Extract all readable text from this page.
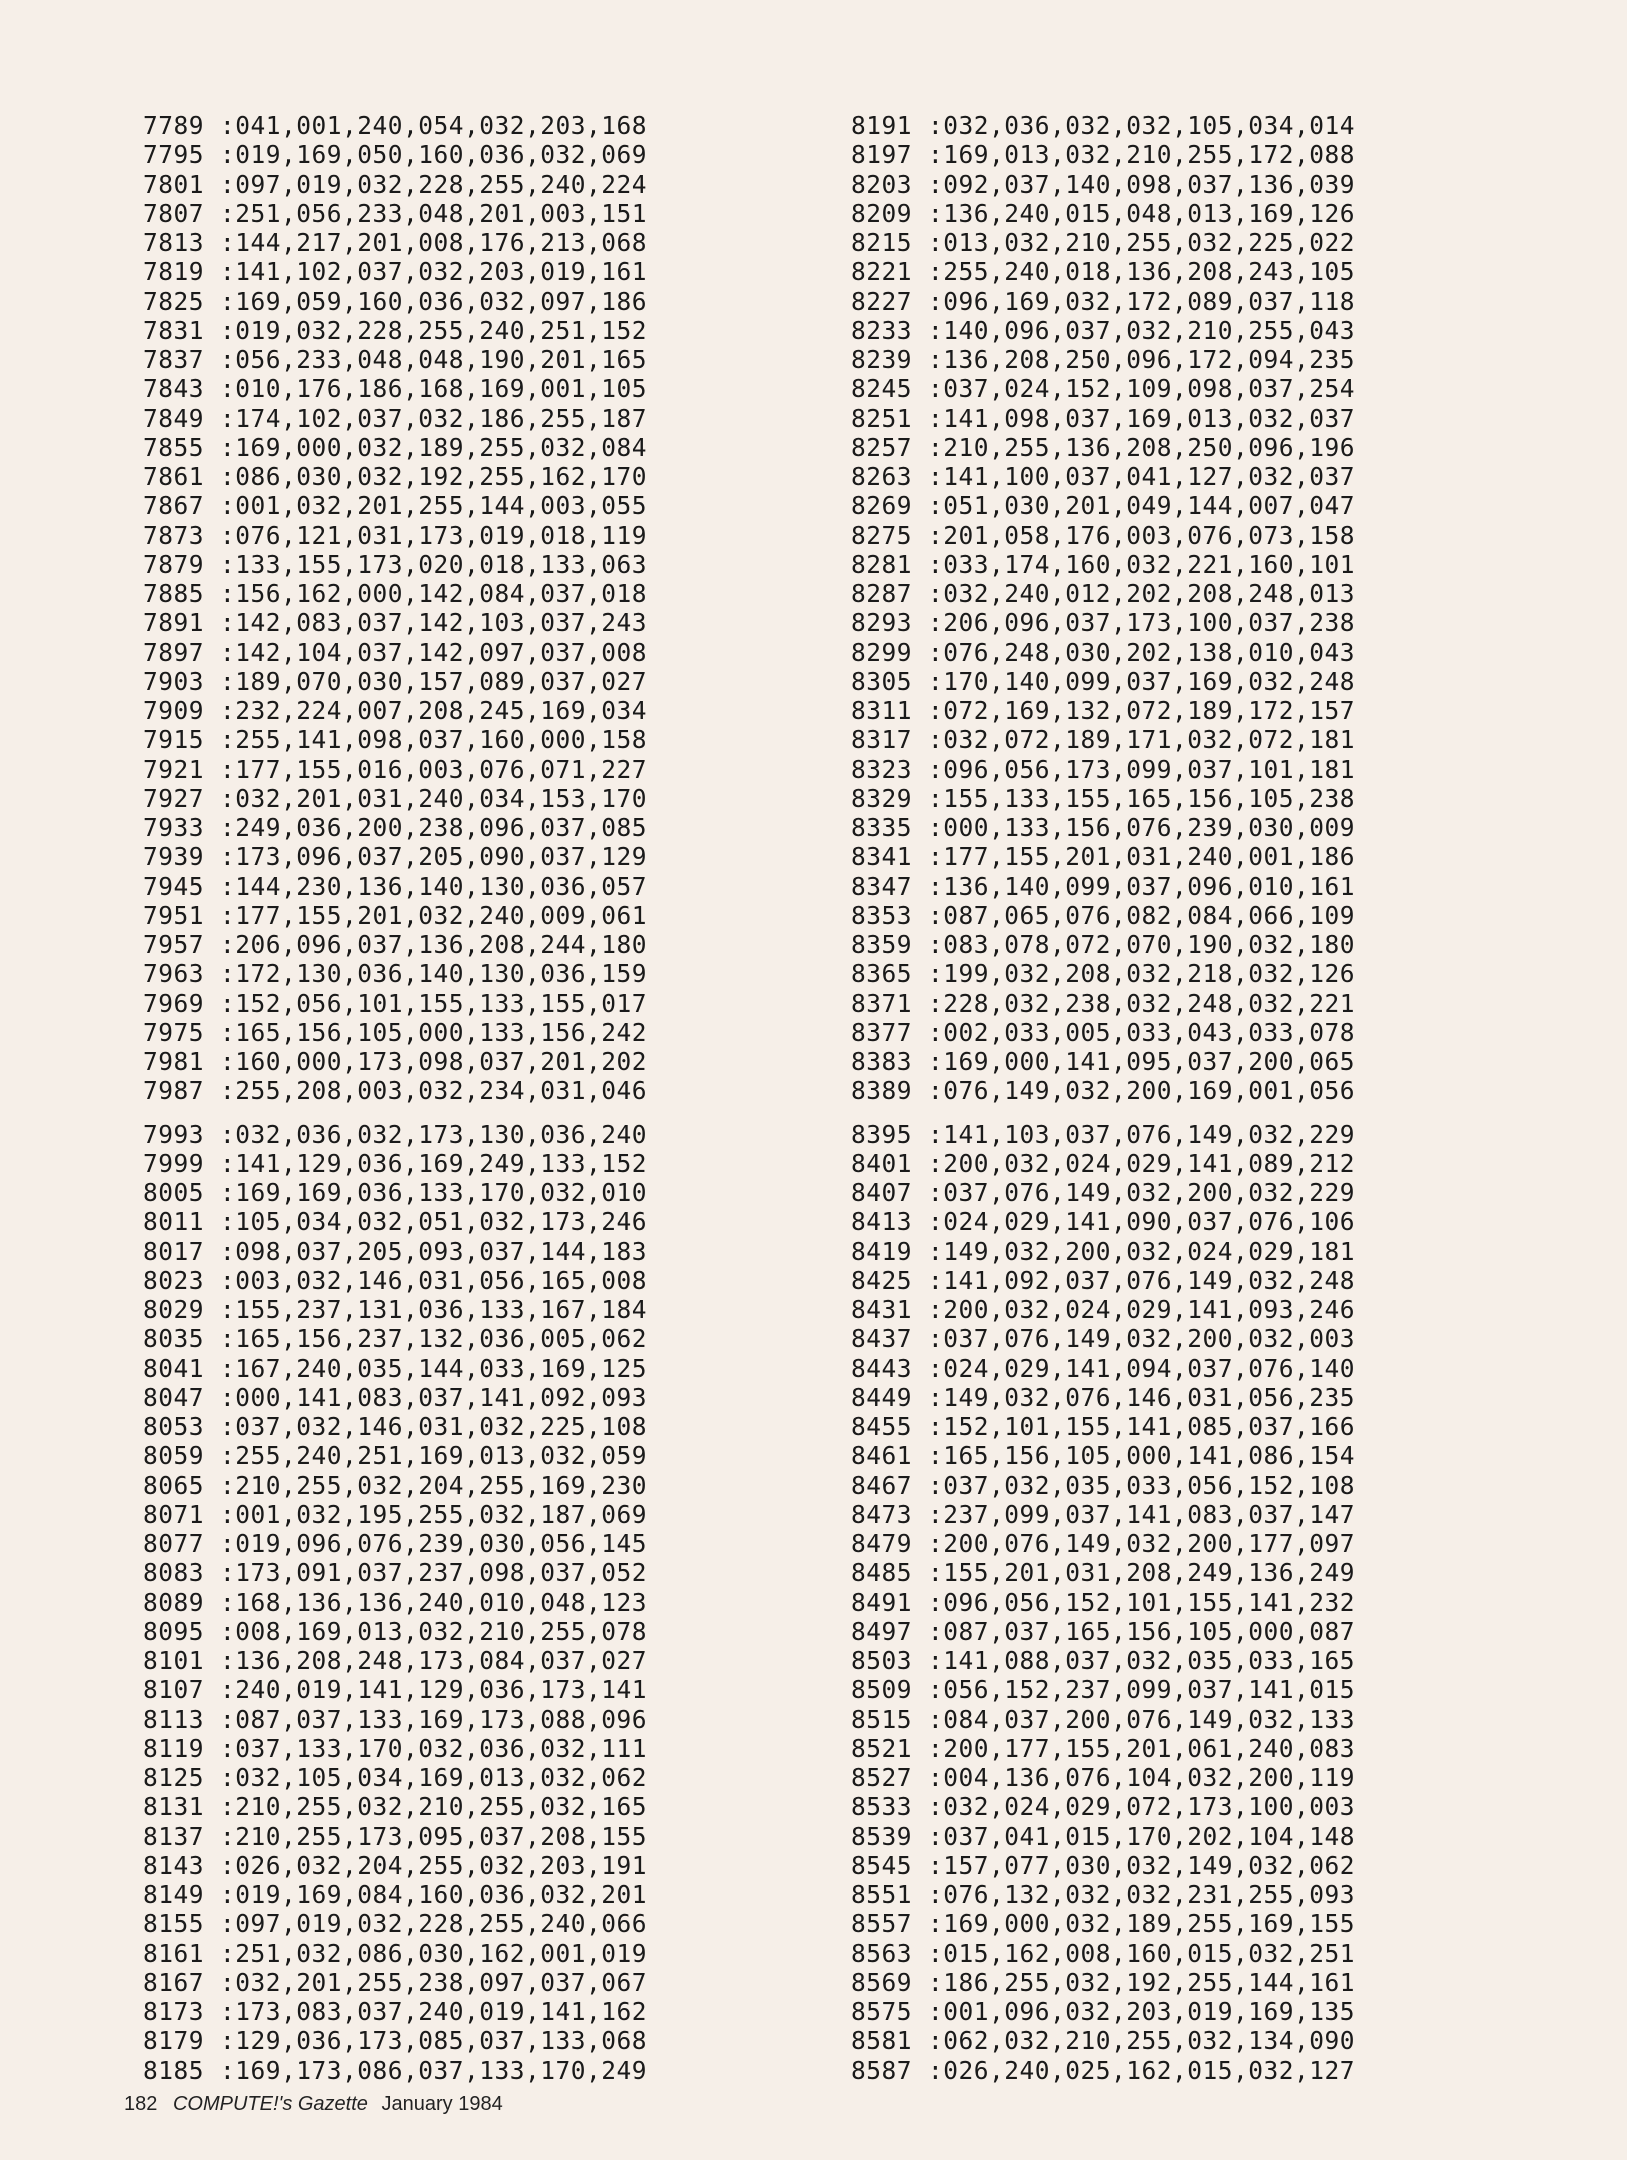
7789 :041,001,240,054,032,203,168
7795 :019,169,050,160,036,032,069
7801 :097,019,032,228,255,240,224
7807 :251,056,233,048,201,003,151
7813 :144,217,201,008,176,213,068
7819 :141,102,037,032,203,019,161
7825 :169,059,160,036,032,097,186
7831 :019,032,228,255,240,251,152
7837 :056,233,048,048,190,201,165
7843 :010,176,186,168,169,001,105
7849 :174,102,037,032,186,255,187
7855 :169,000,032,189,255,032,084
7861 :086,030,032,192,255,162,170
7867 :001,032,201,255,144,003,055
7873 :076,121,031,173,019,018,119
7879 :133,155,173,020,018,133,063
7885 :156,162,000,142,084,037,018
7891 :142,083,037,142,103,037,243
7897 :142,104,037,142,097,037,008
7903 :189,070,030,157,089,037,027
7909 :232,224,007,208,245,169,034
7915 :255,141,098,037,160,000,158
7921 :177,155,016,003,076,071,227
7927 :032,201,031,240,034,153,170
7933 :249,036,200,238,096,037,085
7939 :173,096,037,205,090,037,129
7945 :144,230,136,140,130,036,057
7951 :177,155,201,032,240,009,061
7957 :206,096,037,136,208,244,180
7963 :172,130,036,140,130,036,159
7969 :152,056,101,155,133,155,017
7975 :165,156,105,000,133,156,242
7981 :160,000,173,098,037,201,202
7987 :255,208,003,032,234,031,046
7993 :032,036,032,173,130,036,240
7999 :141,129,036,169,249,133,152
8005 :169,169,036,133,170,032,010
8011 :105,034,032,051,032,173,246
8017 :098,037,205,093,037,144,183
8023 :003,032,146,031,056,165,008
8029 :155,237,131,036,133,167,184
8035 :165,156,237,132,036,005,062
8041 :167,240,035,144,033,169,125
8047 :000,141,083,037,141,092,093
8053 :037,032,146,031,032,225,108
8059 :255,240,251,169,013,032,059
8065 :210,255,032,204,255,169,230
8071 :001,032,195,255,032,187,069
8077 :019,096,076,239,030,056,145
8083 :173,091,037,237,098,037,052
8089 :168,136,136,240,010,048,123
8095 :008,169,013,032,210,255,078
8101 :136,208,248,173,084,037,027
8107 :240,019,141,129,036,173,141
8113 :087,037,133,169,173,088,096
8119 :037,133,170,032,036,032,111
8125 :032,105,034,169,013,032,062
8131 :210,255,032,210,255,032,165
8137 :210,255,173,095,037,208,155
8143 :026,032,204,255,032,203,191
8149 :019,169,084,160,036,032,201
8155 :097,019,032,228,255,240,066
8161 :251,032,086,030,162,001,019
8167 :032,201,255,238,097,037,067
8173 :173,083,037,240,019,141,162
8179 :129,036,173,085,037,133,068
8185 :169,173,086,037,133,170,249
8191 :032,036,032,032,105,034,014
8197 :169,013,032,210,255,172,088
8203 :092,037,140,098,037,136,039
8209 :136,240,015,048,013,169,126
8215 :013,032,210,255,032,225,022
8221 :255,240,018,136,208,243,105
8227 :096,169,032,172,089,037,118
8233 :140,096,037,032,210,255,043
8239 :136,208,250,096,172,094,235
8245 :037,024,152,109,098,037,254
8251 :141,098,037,169,013,032,037
8257 :210,255,136,208,250,096,196
8263 :141,100,037,041,127,032,037
8269 :051,030,201,049,144,007,047
8275 :201,058,176,003,076,073,158
8281 :033,174,160,032,221,160,101
8287 :032,240,012,202,208,248,013
8293 :206,096,037,173,100,037,238
8299 :076,248,030,202,138,010,043
8305 :170,140,099,037,169,032,248
8311 :072,169,132,072,189,172,157
8317 :032,072,189,171,032,072,181
8323 :096,056,173,099,037,101,181
8329 :155,133,155,165,156,105,238
8335 :000,133,156,076,239,030,009
8341 :177,155,201,031,240,001,186
8347 :136,140,099,037,096,010,161
8353 :087,065,076,082,084,066,109
8359 :083,078,072,070,190,032,180
8365 :199,032,208,032,218,032,126
8371 :228,032,238,032,248,032,221
8377 :002,033,005,033,043,033,078
8383 :169,000,141,095,037,200,065
8389 :076,149,032,200,169,001,056
8395 :141,103,037,076,149,032,229
8401 :200,032,024,029,141,089,212
8407 :037,076,149,032,200,032,229
8413 :024,029,141,090,037,076,106
8419 :149,032,200,032,024,029,181
8425 :141,092,037,076,149,032,248
8431 :200,032,024,029,141,093,246
8437 :037,076,149,032,200,032,003
8443 :024,029,141,094,037,076,140
8449 :149,032,076,146,031,056,235
8455 :152,101,155,141,085,037,166
8461 :165,156,105,000,141,086,154
8467 :037,032,035,033,056,152,108
8473 :237,099,037,141,083,037,147
8479 :200,076,149,032,200,177,097
8485 :155,201,031,208,249,136,249
8491 :096,056,152,101,155,141,232
8497 :087,037,165,156,105,000,087
8503 :141,088,037,032,035,033,165
8509 :056,152,237,099,037,141,015
8515 :084,037,200,076,149,032,133
8521 :200,177,155,201,061,240,083
8527 :004,136,076,104,032,200,119
8533 :032,024,029,072,173,100,003
8539 :037,041,015,170,202,104,148
8545 :157,077,030,032,149,032,062
8551 :076,132,032,032,231,255,093
8557 :169,000,032,189,255,169,155
8563 :015,162,008,160,015,032,251
8569 :186,255,032,192,255,144,161
8575 :001,096,032,203,019,169,135
8581 :062,032,210,255,032,134,090
8587 :026,240,025,162,015,032,127
182 COMPUTE!'s Gazette January 1984
